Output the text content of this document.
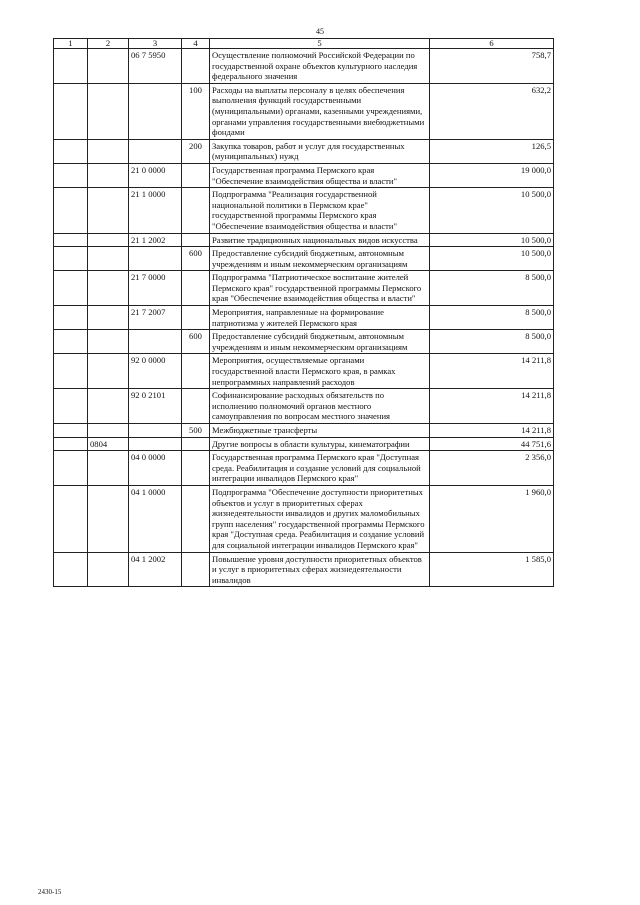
45
1	2	3	4	5	6
		06 7 5950		Осуществление полномочий Российской Федерации по государственной охране объектов культурного наследия федерального значения	758,7
			100	Расходы на выплаты персоналу в целях обеспечения выполнения функций государственными (муниципальными) органами, казенными учреждениями, органами управления государственными внебюджетными фондами	632,2
			200	Закупка товаров, работ и услуг для государственных (муниципальных) нужд	126,5
		21 0 0000		Государственная программа Пермского края "Обеспечение взаимодействия общества и власти"	19 000,0
		21 1 0000		Подпрограмма "Реализация государственной национальной политики в Пермском крае" государственной программы Пермского края "Обеспечение взаимодействия общества и власти"	10 500,0
		21 1 2002		Развитие традиционных национальных видов искусства	10 500,0
			600	Предоставление субсидий бюджетным, автономным учреждениям и иным некоммерческим организациям	10 500,0
		21 7 0000		Подпрограмма "Патриотическое воспитание жителей Пермского края" государственной программы Пермского края "Обеспечение взаимодействия общества и власти"	8 500,0
		21 7 2007		Мероприятия, направленные на формирование патриотизма у жителей Пермского края	8 500,0
			600	Предоставление субсидий бюджетным, автономным учреждениям и иным некоммерческим организациям	8 500,0
		92 0 0000		Мероприятия, осуществляемые органами государственной власти Пермского края, в рамках непрограммных направлений расходов	14 211,8
		92 0 2101		Софинансирование расходных обязательств по исполнению полномочий органов местного самоуправления по вопросам местного значения	14 211,8
			500	Межбюджетные трансферты	14 211,8
	0804			Другие вопросы в области культуры, кинематографии	44 751,6
		04 0 0000		Государственная программа Пермского края "Доступная среда. Реабилитация и создание условий для социальной интеграции инвалидов Пермского края"	2 356,0
		04 1 0000		Подпрограмма "Обеспечение доступности приоритетных объектов и услуг в приоритетных сферах жизнедеятельности инвалидов и других маломобильных групп населения" государственной программы Пермского края "Доступная среда. Реабилитация и создание условий для социальной интеграции инвалидов Пермского края"	1 960,0
		04 1 2002		Повышение уровня доступности приоритетных объектов и услуг в приоритетных сферах жизнедеятельности инвалидов	1 585,0
2430-15
